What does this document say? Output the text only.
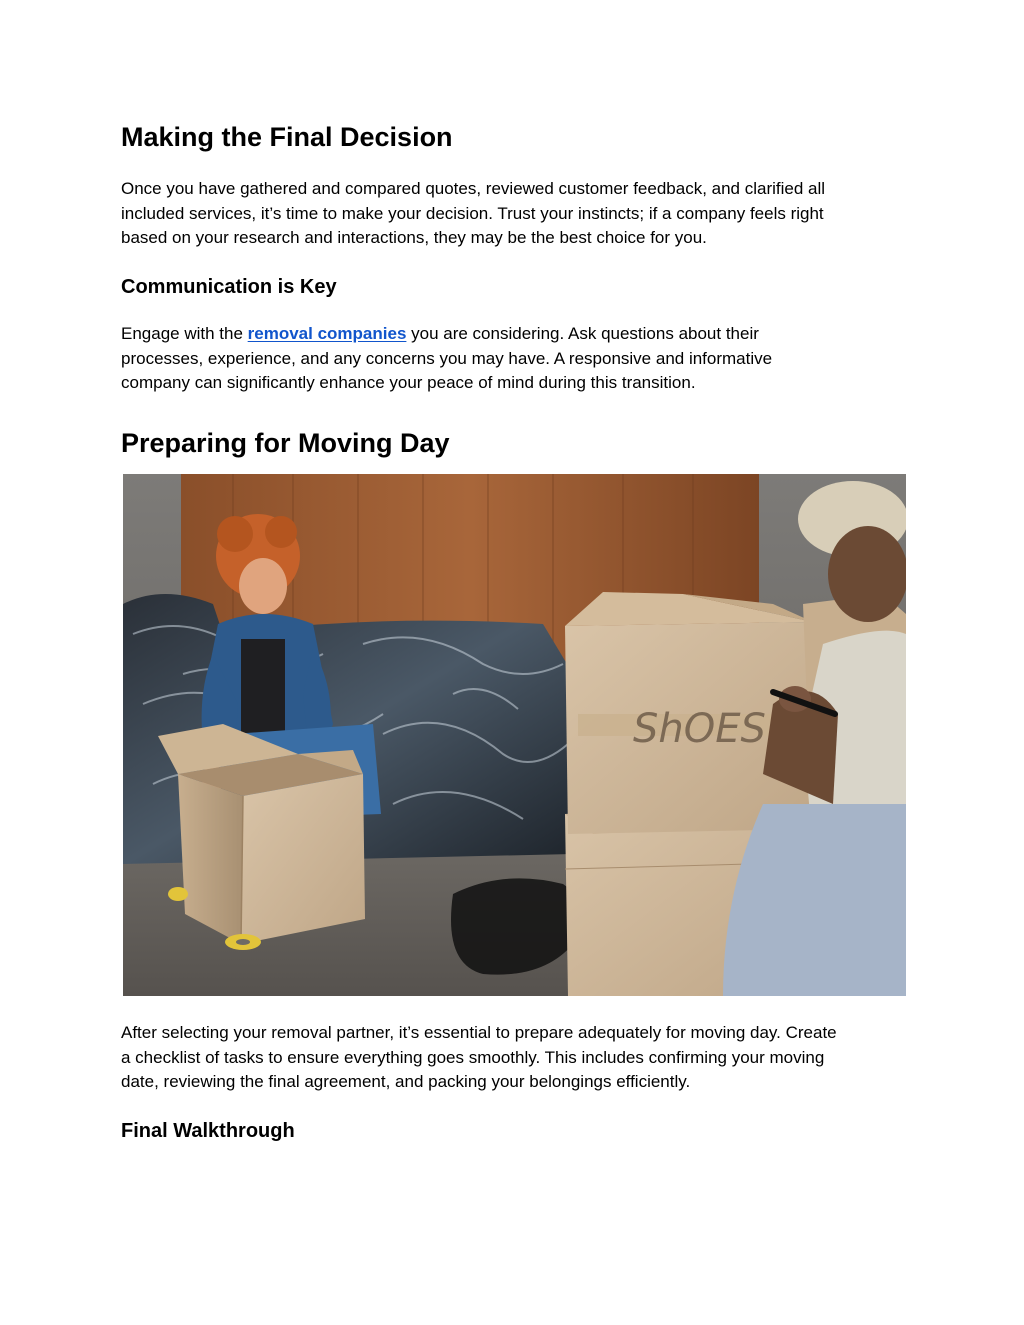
Making the Final Decision

Once you have gathered and compared quotes, reviewed customer feedback, and clarified all
included services, it’s time to make your decision. Trust your instincts; if a company feels right
based on your research and interactions, they may be the best choice for you.

Communication is Key

Engage with the removal companies you are considering. Ask questions about their
processes, experience, and any concerns you may have. A responsive and informative
company can significantly enhance your peace of mind during this transition.

Preparing for Moving Day
ShOES

After selecting your removal partner, it’s essential to prepare adequately for moving day. Create
a checklist of tasks to ensure everything goes smoothly. This includes confirming your moving
date, reviewing the final agreement, and packing your belongings efficiently.

Final Walkthrough
